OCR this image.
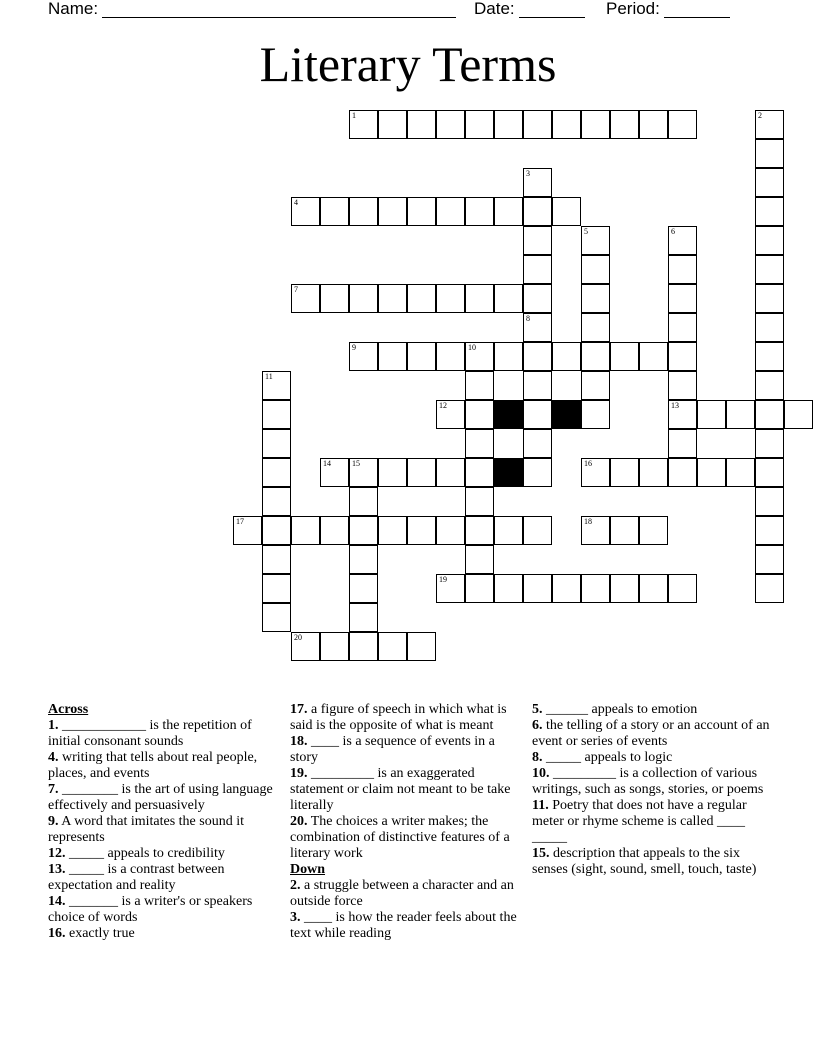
Name:	Date:	Period:
Literary Terms
1	2
3
4
5	6
13
7
8
9	10
11
12
14	15	16
17	18
19
20

Across

1. ____________ is the repetition of initial consonant sounds

4. writing that tells about real people, places, and events

7. ________ is the art of using language effectively and persuasively

9. A word that imitates the sound it represents

12. _____ appeals to credibility

13. _____ is a contrast between expectation and reality

14. _______ is a writer's or speakers choice of words

16. exactly true

17. a figure of speech in which what is said is the opposite of what is meant

18. ____ is a sequence of events in a story

19. _________ is an exaggerated statement or claim not meant to be take literally

20. The choices a writer makes; the combination of distinctive features of a literary work

Down

2. a struggle between a character and an outside force

3. ____ is how the reader feels about the text while reading

5. ______ appeals to emotion

6. the telling of a story or an account of an event or series of events

8. _____ appeals to logic

10. _________ is a collection of various writings, such as songs, stories, or poems

11. Poetry that does not have a regular meter or rhyme scheme is called ____ _____

15. description that appeals to the six senses (sight, sound, smell, touch, taste)
